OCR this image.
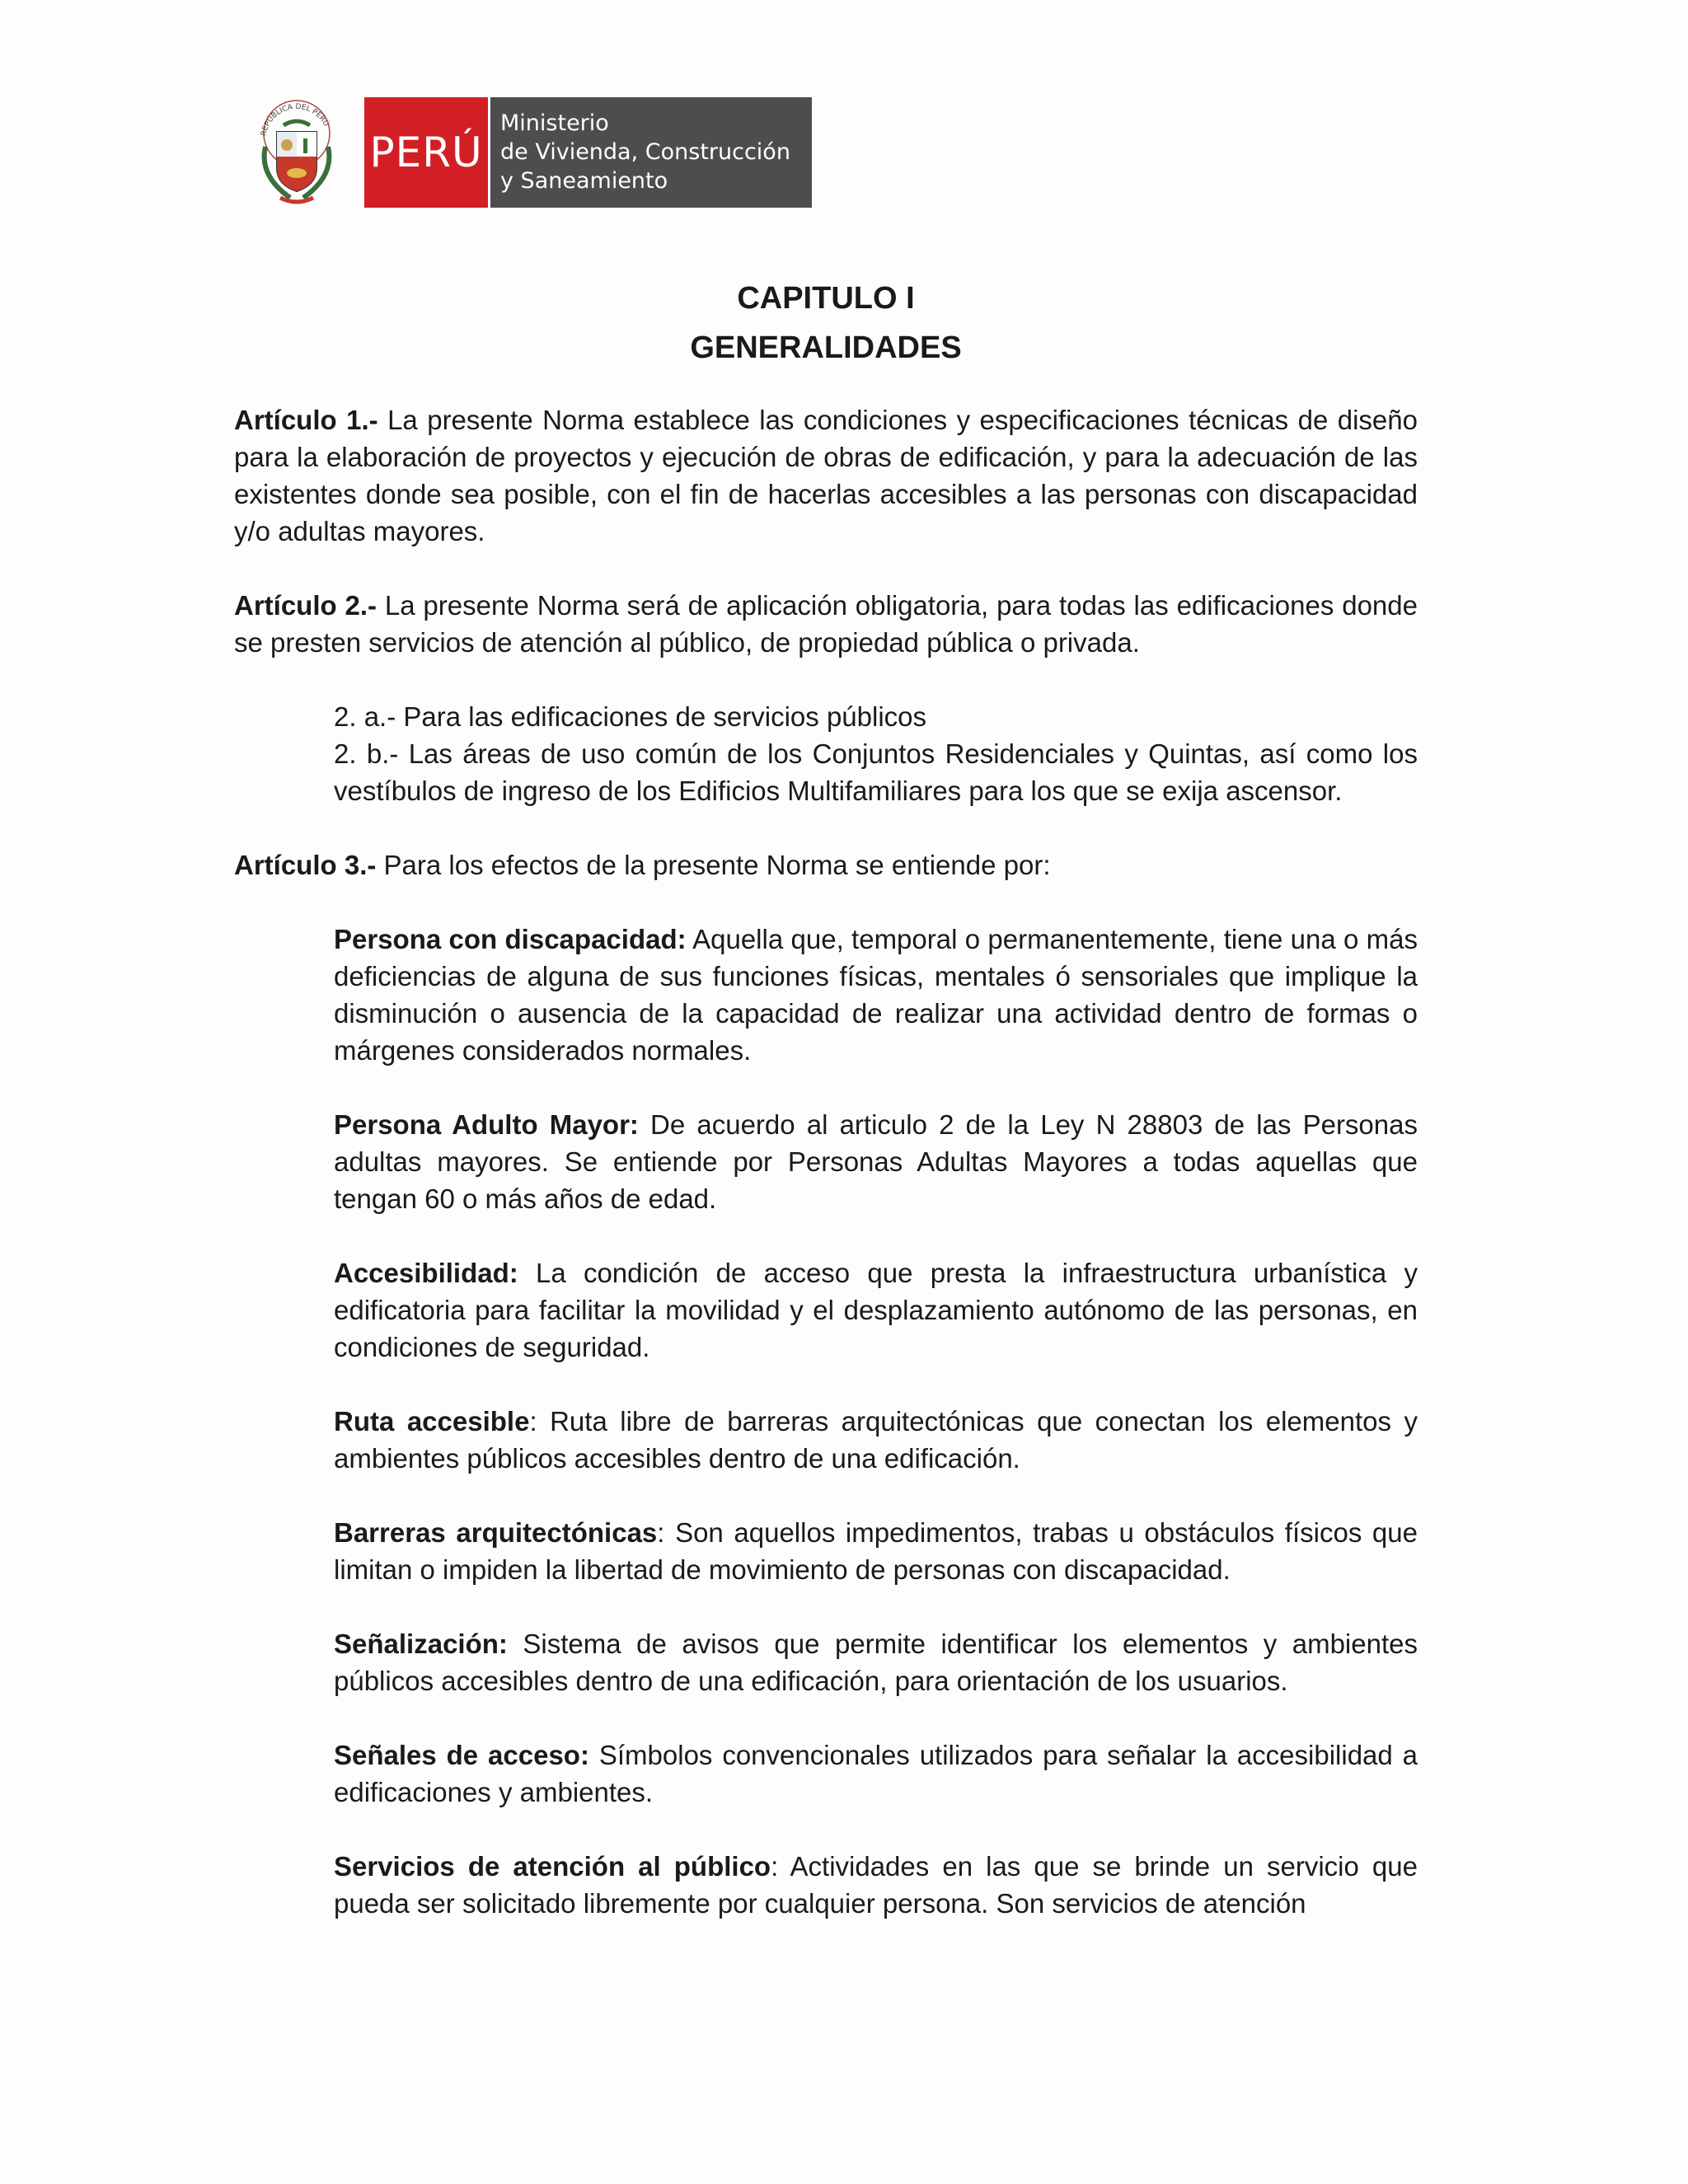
REPÚBLICA DEL PERÚ
PERÚ
Ministerio
de Vivienda, Construcción
y Saneamiento
CAPITULO I
GENERALIDADES

Artículo 1.- La presente Norma establece las condiciones y especificaciones técnicas de diseño para la elaboración de proyectos y ejecución de obras de edificación, y para la adecuación de las existentes donde sea posible, con el fin de hacerlas accesibles a las personas con discapacidad y/o adultas mayores.

Artículo 2.- La presente Norma será de aplicación obligatoria, para todas las edificaciones donde se presten servicios de atención al público, de propiedad pública o privada.

2. a.- Para las edificaciones de servicios públicos

2. b.- Las áreas de uso común de los Conjuntos Residenciales y Quintas, así como los vestíbulos de ingreso de los Edificios Multifamiliares para los que se exija ascensor.

Artículo 3.- Para los efectos de la presente Norma se entiende por:

Persona con discapacidad: Aquella que, temporal o permanentemente, tiene una o más deficiencias de alguna de sus funciones físicas, mentales ó sensoriales que implique la disminución o ausencia de la capacidad de realizar una actividad dentro de formas o márgenes considerados normales.

Persona Adulto Mayor: De acuerdo al articulo 2 de la Ley N 28803 de las Personas adultas mayores. Se entiende por Personas Adultas Mayores a todas aquellas que tengan 60 o más años de edad.

Accesibilidad: La condición de acceso que presta la infraestructura urbanística y edificatoria para facilitar la movilidad y el desplazamiento autónomo de las personas, en condiciones de seguridad.

Ruta accesible: Ruta libre de barreras arquitectónicas que conectan los elementos y ambientes públicos accesibles dentro de una edificación.

Barreras arquitectónicas: Son aquellos impedimentos, trabas u obstáculos físicos que limitan o impiden la libertad de movimiento de personas con discapacidad.

Señalización: Sistema de avisos que permite identificar los elementos y ambientes públicos accesibles dentro de una edificación, para orientación de los usuarios.

Señales de acceso: Símbolos convencionales utilizados para señalar la accesibilidad a edificaciones y ambientes.

Servicios de atención al público: Actividades en las que se brinde un servicio que pueda ser solicitado libremente por cualquier persona. Son servicios de atención
